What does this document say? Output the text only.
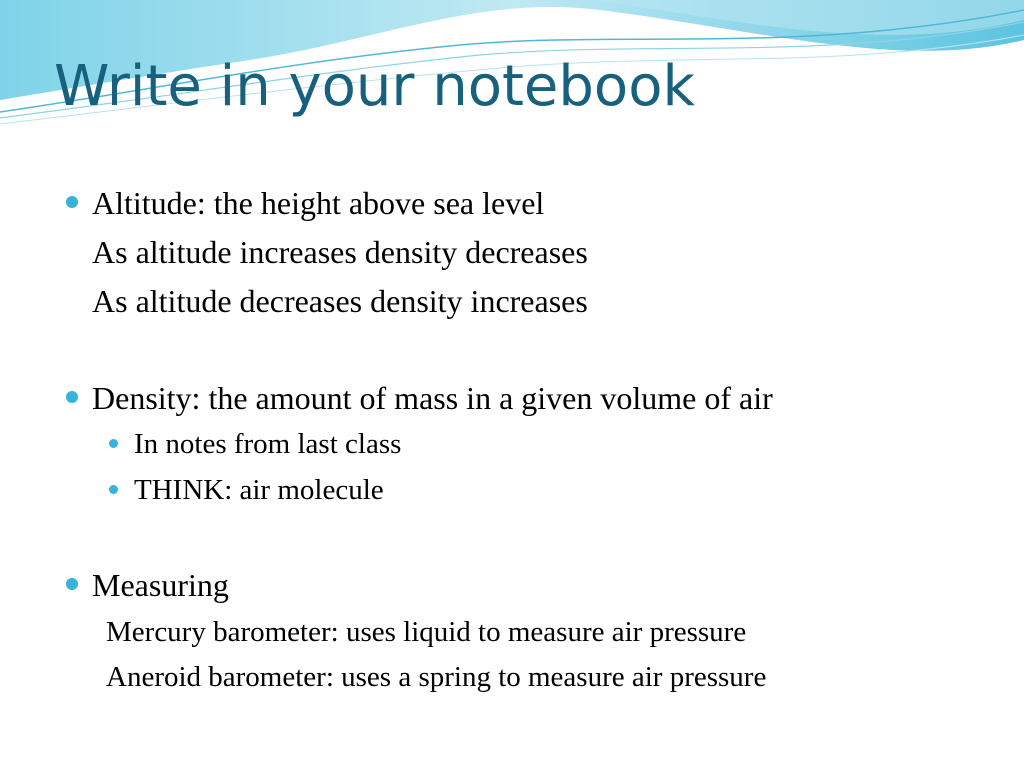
Write in your notebook
Altitude: the height above sea level
As altitude increases density decreases
As altitude decreases density increases
Density: the amount of mass in a given volume of air
In notes from last class
THINK: air molecule
Measuring
Mercury barometer: uses liquid to measure air pressure
Aneroid barometer: uses a spring to measure air pressure
